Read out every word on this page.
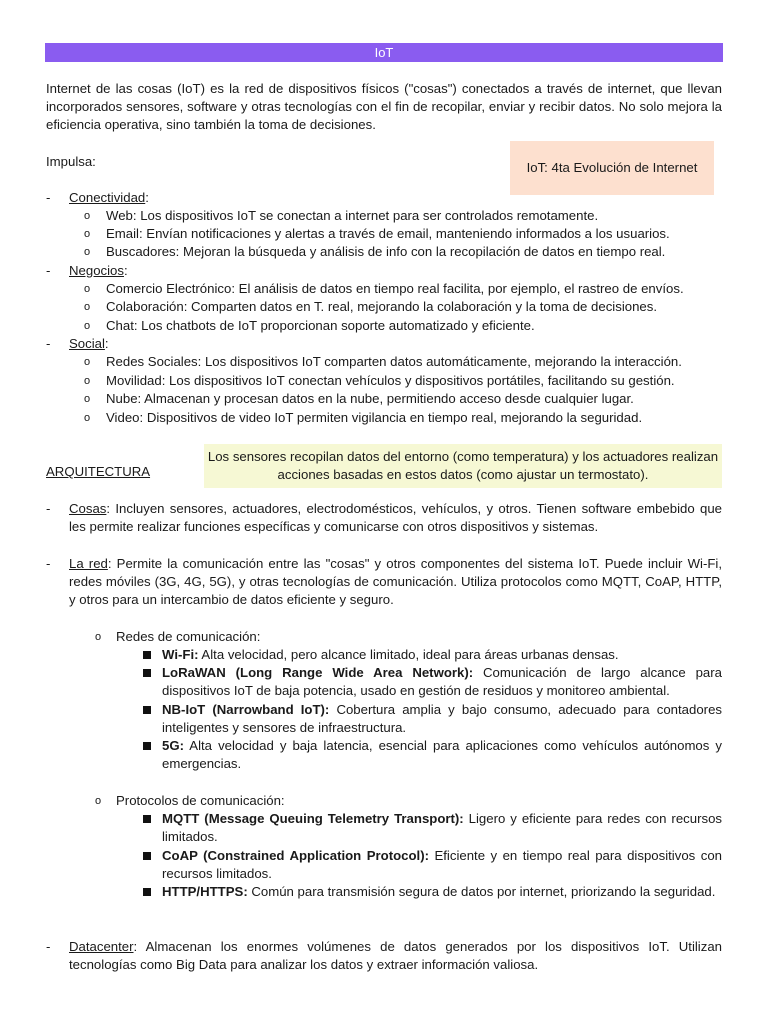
IoT
Internet de las cosas (IoT) es la red de dispositivos físicos ("cosas") conectados a través de internet, que llevan incorporados sensores, software y otras tecnologías con el fin de recopilar, enviar y recibir datos. No solo mejora la eficiencia operativa, sino también la toma de decisiones.
Impulsa:	IoT: 4ta Evolución de Internet
- Conectividad:
o Web: Los dispositivos IoT se conectan a internet para ser controlados remotamente.
o Email: Envían notificaciones y alertas a través de email, manteniendo informados a los usuarios.
o Buscadores: Mejoran la búsqueda y análisis de info con la recopilación de datos en tiempo real.
- Negocios:
o Comercio Electrónico: El análisis de datos en tiempo real facilita, por ejemplo, el rastreo de envíos.
o Colaboración: Comparten datos en T. real, mejorando la colaboración y la toma de decisiones.
o Chat: Los chatbots de IoT proporcionan soporte automatizado y eficiente.
- Social:
o Redes Sociales: Los dispositivos IoT comparten datos automáticamente, mejorando la interacción.
o Movilidad: Los dispositivos IoT conectan vehículos y dispositivos portátiles, facilitando su gestión.
o Nube: Almacenan y procesan datos en la nube, permitiendo acceso desde cualquier lugar.
o Video: Dispositivos de video IoT permiten vigilancia en tiempo real, mejorando la seguridad.
Los sensores recopilan datos del entorno (como temperatura) y los actuadores realizan acciones basadas en estos datos (como ajustar un termostato).
ARQUITECTURA
- Cosas: Incluyen sensores, actuadores, electrodomésticos, vehículos, y otros. Tienen software embebido que les permite realizar funciones específicas y comunicarse con otros dispositivos y sistemas.
- La red: Permite la comunicación entre las "cosas" y otros componentes del sistema IoT. Puede incluir Wi-Fi, redes móviles (3G, 4G, 5G), y otras tecnologías de comunicación. Utiliza protocolos como MQTT, CoAP, HTTP, y otros para un intercambio de datos eficiente y seguro.
o Redes de comunicación:
Wi-Fi: Alta velocidad, pero alcance limitado, ideal para áreas urbanas densas.
LoRaWAN (Long Range Wide Area Network): Comunicación de largo alcance para dispositivos IoT de baja potencia, usado en gestión de residuos y monitoreo ambiental.
NB-IoT (Narrowband IoT): Cobertura amplia y bajo consumo, adecuado para contadores inteligentes y sensores de infraestructura.
5G: Alta velocidad y baja latencia, esencial para aplicaciones como vehículos autónomos y emergencias.
o Protocolos de comunicación:
MQTT (Message Queuing Telemetry Transport): Ligero y eficiente para redes con recursos limitados.
CoAP (Constrained Application Protocol): Eficiente y en tiempo real para dispositivos con recursos limitados.
HTTP/HTTPS: Común para transmisión segura de datos por internet, priorizando la seguridad.
- Datacenter: Almacenan los enormes volúmenes de datos generados por los dispositivos IoT. Utilizan tecnologías como Big Data para analizar los datos y extraer información valiosa.
